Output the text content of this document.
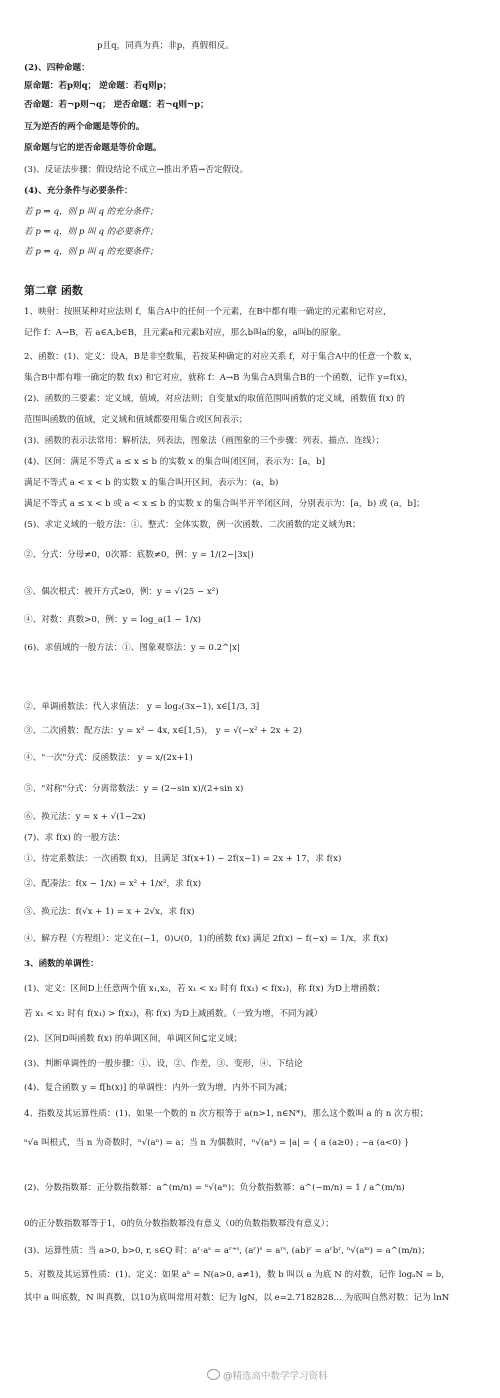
p且q，同真为真；非p，真假相反。
(2)、四种命题：
原命题：若p则q； 逆命题：若q则p；
否命题：若¬p则¬q； 逆否命题：若¬q则¬p；
互为逆否的两个命题是等价的。
原命题与它的逆否命题是等价命题。
(3)、反证法步骤：假设结论不成立→推出矛盾→否定假设。
(4)、充分条件与必要条件：
若 p ⇒ q，则 p 叫 q 的充分条件；
若 p ⇐ q，则 p 叫 q 的必要条件；
若 p ⇔ q，则 p 叫 q 的充要条件；
第二章 函数
1、映射：按照某种对应法则 f，集合A中的任何一个元素，在B中都有唯一确定的元素和它对应，
记作 f：A→B，若 a∈A,b∈B，且元素a和元素b对应，那么b叫a的象，a叫b的原象。
2、函数：(1)、定义：设A，B是非空数集，若按某种确定的对应关系 f，对于集合A中的任意一个数 x，
集合B中都有唯一确定的数 f(x) 和它对应，就称 f：A→B 为集合A到集合B的一个函数，记作 y=f(x)，
(2)、函数的三要素：定义域，值域，对应法则；自变量x的取值范围叫函数的定义域，函数值 f(x) 的
范围叫函数的值域，定义域和值域都要用集合或区间表示；
(3)、函数的表示法常用：解析法，列表法，图象法（画图象的三个步骤：列表、描点、连线）；
(4)、区间：满足不等式 a ≤ x ≤ b 的实数 x 的集合叫闭区间，表示为：[a，b]
满足不等式 a < x < b 的实数 x 的集合叫开区间，表示为：(a，b)
满足不等式 a ≤ x < b 或 a < x ≤ b 的实数 x 的集合叫半开半闭区间，分别表示为：[a，b) 或 (a，b]；
(5)、求定义域的一般方法：①、整式：全体实数，例一次函数、二次函数的定义域为R；
②、分式：分母≠0，0次幂：底数≠0，例：y = 1/(2−|3x|)
③、偶次根式：被开方式≥0，例：y = √(25 − x²)
④、对数：真数>0，例：y = log_a(1 − 1/x)
(6)、求值域的一般方法：①、图象观察法：y = 0.2^|x|
②、单调函数法：代入求值法： y = log₂(3x−1), x∈[1/3, 3]
③、二次函数：配方法：y = x² − 4x, x∈[1,5)， y = √(−x² + 2x + 2)
④、"一次"分式：反函数法： y = x/(2x+1)
⑤、"对称"分式：分离常数法：y = (2−sin x)/(2+sin x)
⑥、换元法：y = x + √(1−2x)
(7)、求 f(x) 的一般方法：
①、待定系数法：一次函数 f(x)，且满足 3f(x+1) − 2f(x−1) = 2x + 17，求 f(x)
②、配凑法：f(x − 1/x) = x² + 1/x²，求 f(x)
③、换元法：f(√x + 1) = x + 2√x，求 f(x)
④、解方程（方程组）：定义在(−1，0)∪(0，1)的函数 f(x) 满足 2f(x) − f(−x) = 1/x，求 f(x)
3、函数的单调性：
(1)、定义：区间D上任意两个值 x₁,x₂，若 x₁ < x₂ 时有 f(x₁) < f(x₂)，称 f(x) 为D上增函数；
若 x₁ < x₂ 时有 f(x₁) > f(x₂)，称 f(x) 为D上减函数。（一致为增，不同为减）
(2)、区间D叫函数 f(x) 的单调区间，单调区间⊆定义域；
(3)、判断单调性的一般步骤：①、设，②、作差，③、变形，④、下结论
(4)、复合函数 y = f[h(x)] 的单调性：内外一致为增，内外不同为减；
4、指数及其运算性质：(1)、如果一个数的 n 次方根等于 a(n>1, n∈N*)，那么这个数叫 a 的 n 次方根；
ⁿ√a 叫根式，当 n 为奇数时，ⁿ√(aⁿ) = a；当 n 为偶数时，ⁿ√(aⁿ) = |a| = { a (a≥0) ; −a (a<0) }
(2)、分数指数幂：正分数指数幂：a^(m/n) = ⁿ√(aᵐ)；负分数指数幂：a^(−m/n) = 1 / a^(m/n)
0的正分数指数幂等于1，0的负分数指数幂没有意义（0的负数指数幂没有意义）；
(3)、运算性质：当 a>0, b>0, r, s∈Q 时：aʳ·aˢ = aʳ⁺ˢ, (aʳ)ˢ = aʳˢ, (ab)ʳ = aʳbʳ, ⁿ√(aᵐ) = a^(m/n)；
5、对数及其运算性质：(1)、定义：如果 aᵇ = N(a>0, a≠1)，数 b 叫以 a 为底 N 的对数，记作 logₐN = b，
其中 a 叫底数，N 叫真数，以10为底叫常用对数：记为 lgN，以 e=2.7182828… 为底叫自然对数：记为 lnN
@精选高中数学学习资料
